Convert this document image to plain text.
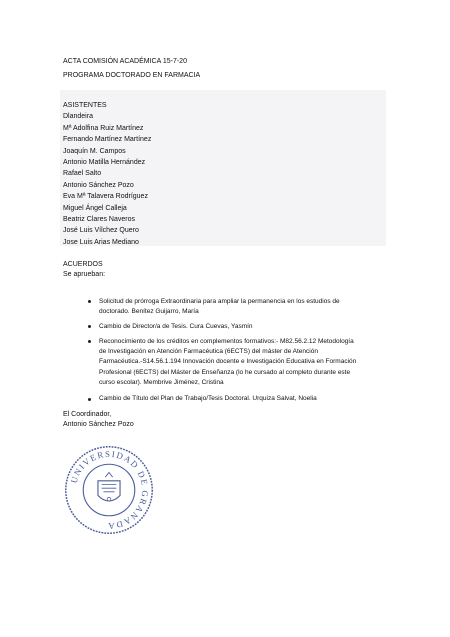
ACTA COMISIÓN ACADÉMICA 15-7-20
PROGRAMA DOCTORADO EN FARMACIA
ASISTENTES
Dlandeira
Mª Adolfina Ruiz Martínez
Fernando Martínez Martínez
Joaquín M. Campos
Antonio Matilla Hernández
Rafael Salto
Antonio Sánchez Pozo
Eva Mª Talavera Rodríguez
Miguel Ángel Calleja
Beatriz Clares Naveros
José Luis Vílchez Quero
Jose Luis Arias Mediano
ACUERDOS
Se aprueban:
Solicitud de prórroga Extraordinaria para ampliar la permanencia en los estudios de
doctorado. Benítez Guijarro, María
Cambio de Director/a de Tesis. Cura Cuevas, Yasmín
Reconocimiento de los créditos en complementos formativos:- M82.56.2.12 Metodología
de Investigación en Atención Farmacéutica (6ECTS) del máster de Atención
Farmacéutica.-S14.56.1.194 Innovación docente e Investigación Educativa en Formación
Profesional (6ECTS) del Máster de Enseñanza (lo he cursado al completo durante este
curso escolar). Membrive Jiménez, Cristina
Cambio de Título del Plan de Trabajo/Tesis Doctoral. Urquiza Salvat, Noelia
El Coordinador,
Antonio Sánchez Pozo
UNIVERSIDAD DE GRANADA
